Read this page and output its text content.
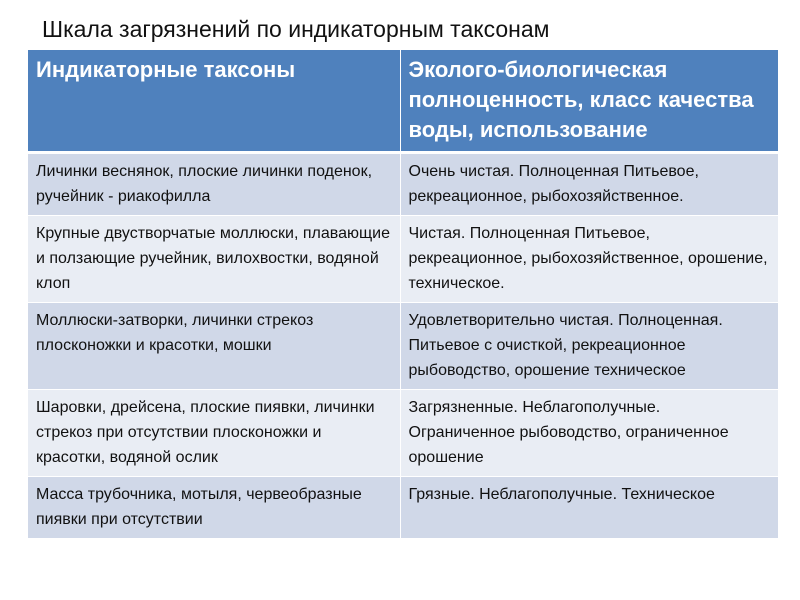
Шкала загрязнений по индикаторным таксонам
Индикаторные таксоны	Эколого-биологическая полноценность, класс качества воды, использование
Личинки веснянок, плоские личинки поденок, ручейник - риакофилла	Очень чистая. Полноценная Питьевое, рекреационное, рыбохозяйственное.
Крупные двустворчатые моллюски, плавающие и ползающие ручейник, вилохвостки, водяной клоп	Чистая. Полноценная Питьевое, рекреационное, рыбохозяйственное, орошение, техническое.
Моллюски-затворки, личинки стрекоз плосконожки и красотки, мошки	Удовлетворительно чистая. Полноценная. Питьевое с очисткой, рекреационное рыбоводство, орошение техническое
Шаровки, дрейсена, плоские пиявки, личинки стрекоз при отсутствии плосконожки и красотки, водяной ослик	Загрязненные. Неблагополучные. Ограниченное рыбоводство, ограниченное орошение
Масса трубочника, мотыля, червеобразные пиявки при отсутствии	Грязные. Неблагополучные. Техническое
